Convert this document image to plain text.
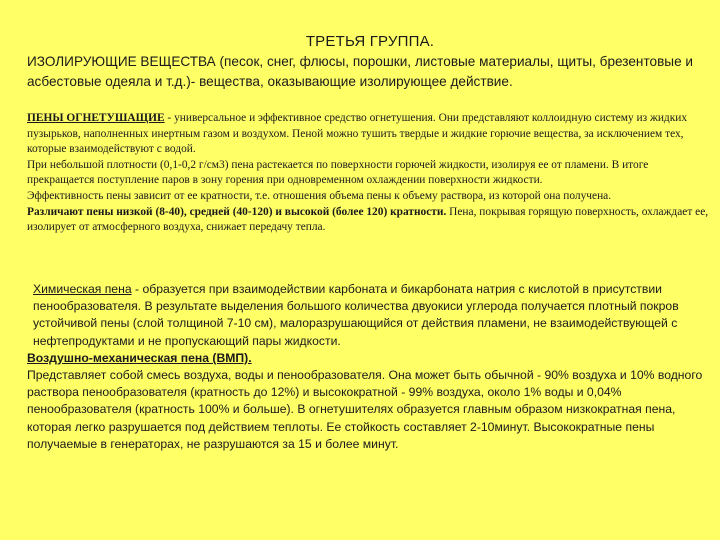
ТРЕТЬЯ ГРУППА.

ИЗОЛИРУЮЩИЕ ВЕЩЕСТВА (песок, снег, флюсы, порошки, листовые материалы, щиты, брезентовые и асбестовые одеяла и т.д.)- вещества, оказывающие изолирующее действие.

ПЕНЫ ОГНЕТУШАЩИЕ - универсальное и эффективное средство огнетушения. Они представляют коллоидную систему из жидких пузырьков, наполненных инертным газом и воздухом. Пеной можно тушить твердые и жидкие горючие вещества, за исключением тех, которые взаимодействуют с водой.

При небольшой плотности (0,1-0,2 г/см3) пена растекается по поверхности горючей жидкости, изолируя ее от пламени. В итоге прекращается поступление паров в зону горения при одновременном охлаждении поверхности жидкости.

Эффективность пены зависит от ее кратности, т.е. отношения объема пены к объему раствора, из которой она получена.

Различают пены низкой (8-40), средней (40-120) и высокой (более 120) кратности. Пена, покрывая горящую поверхность, охлаждает ее, изолирует от атмосферного воздуха, снижает передачу тепла.

Химическая пена - образуется при взаимодействии карбоната и бикарбоната натрия с кислотой в присутствии пенообразователя. В результате выделения большого количества двуокиси углерода получается плотный покров устойчивой пены (слой толщиной 7-10 см), малоразрушающийся от действия пламени, не взаимодействующей с нефтепродуктами и не пропускающий пары жидкости.

Воздушно-механическая пена (ВМП).

Представляет собой смесь воздуха, воды и пенообразователя. Она может быть обычной - 90% воздуха и 10% водного раствора пенообразователя (кратность до 12%) и высокократной - 99% воздуха, около 1% воды и 0,04% пенообразователя (кратность 100% и больше). В огнетушителях образуется главным образом низкократная пена, которая легко разрушается под действием теплоты. Ее стойкость составляет 2-10минут. Высокократные пены получаемые в генераторах, не разрушаются за 15 и более минут.
